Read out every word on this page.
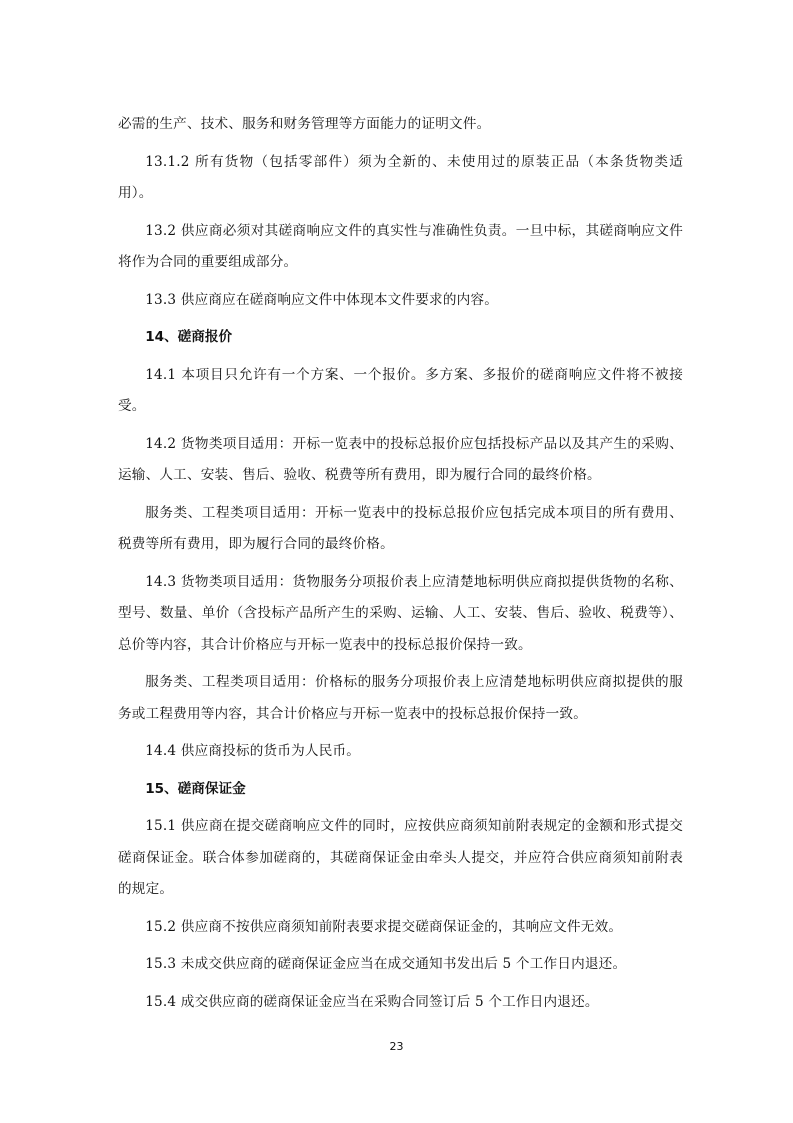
必需的生产、技术、服务和财务管理等方面能力的证明文件。

13.1.2 所有货物（包括零部件）须为全新的、未使用过的原装正品（本条货物类适用）。

13.2 供应商必须对其磋商响应文件的真实性与准确性负责。一旦中标，其磋商响应文件将作为合同的重要组成部分。

13.3 供应商应在磋商响应文件中体现本文件要求的内容。

14、磋商报价

14.1 本项目只允许有一个方案、一个报价。多方案、多报价的磋商响应文件将不被接受。

14.2 货物类项目适用：开标一览表中的投标总报价应包括投标产品以及其产生的采购、运输、人工、安装、售后、验收、税费等所有费用，即为履行合同的最终价格。

服务类、工程类项目适用：开标一览表中的投标总报价应包括完成本项目的所有费用、税费等所有费用，即为履行合同的最终价格。

14.3 货物类项目适用：货物服务分项报价表上应清楚地标明供应商拟提供货物的名称、型号、数量、单价（含投标产品所产生的采购、运输、人工、安装、售后、验收、税费等）、总价等内容，其合计价格应与开标一览表中的投标总报价保持一致。

服务类、工程类项目适用：价格标的服务分项报价表上应清楚地标明供应商拟提供的服务或工程费用等内容，其合计价格应与开标一览表中的投标总报价保持一致。

14.4 供应商投标的货币为人民币。

15、磋商保证金

15.1 供应商在提交磋商响应文件的同时，应按供应商须知前附表规定的金额和形式提交磋商保证金。联合体参加磋商的，其磋商保证金由牵头人提交，并应符合供应商须知前附表的规定。

15.2 供应商不按供应商须知前附表要求提交磋商保证金的，其响应文件无效。

15.3 未成交供应商的磋商保证金应当在成交通知书发出后 5 个工作日内退还。

15.4 成交供应商的磋商保证金应当在采购合同签订后 5 个工作日内退还。

23
